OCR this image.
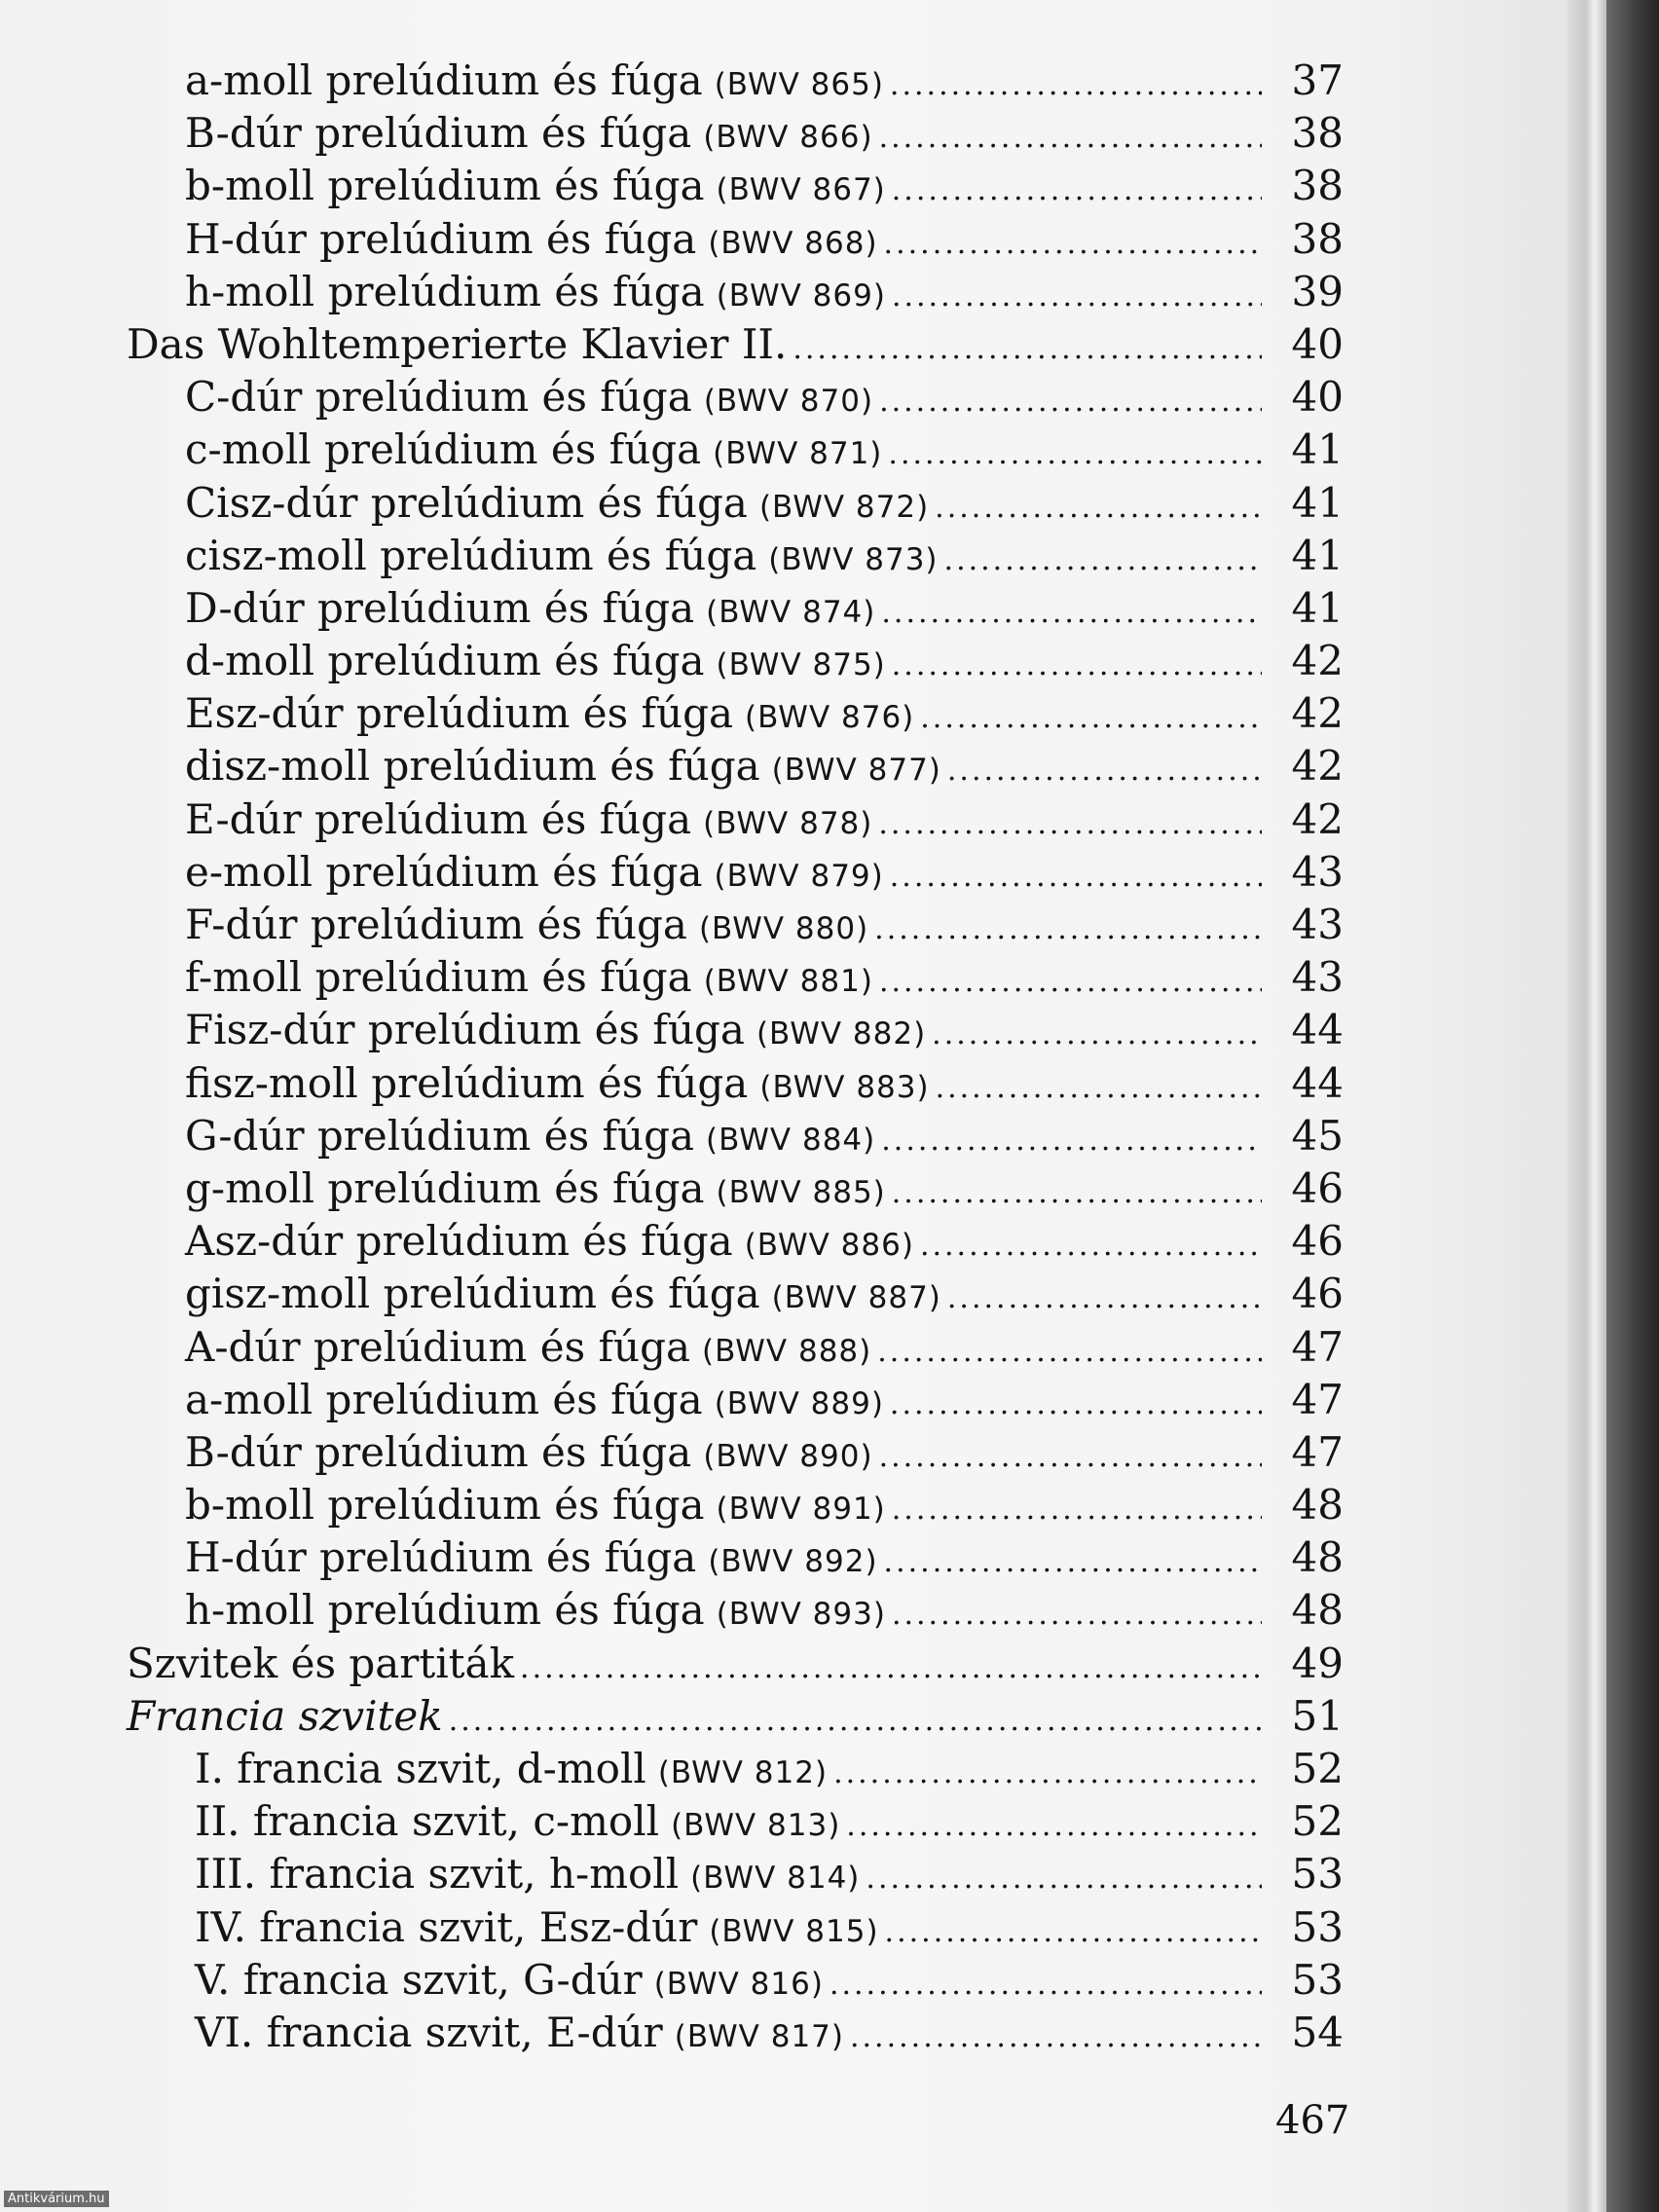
a-moll prelúdium és fúga (BWV 865) .....	37
B-dúr prelúdium és fúga (BWV 866) .....	38
b-moll prelúdium és fúga (BWV 867) .....	38
H-dúr prelúdium és fúga (BWV 868) .....	38
h-moll prelúdium és fúga (BWV 869) .....	39
Das Wohltemperierte Klavier II. .....	40
C-dúr prelúdium és fúga (BWV 870) .....	40
c-moll prelúdium és fúga (BWV 871) .....	41
Cisz-dúr prelúdium és fúga (BWV 872) .....	41
cisz-moll prelúdium és fúga (BWV 873) .....	41
D-dúr prelúdium és fúga (BWV 874) .....	41
d-moll prelúdium és fúga (BWV 875) .....	42
Esz-dúr prelúdium és fúga (BWV 876) .....	42
disz-moll prelúdium és fúga (BWV 877) .....	42
E-dúr prelúdium és fúga (BWV 878) .....	42
e-moll prelúdium és fúga (BWV 879) .....	43
F-dúr prelúdium és fúga (BWV 880) .....	43
f-moll prelúdium és fúga (BWV 881) .....	43
Fisz-dúr prelúdium és fúga (BWV 882) .....	44
fisz-moll prelúdium és fúga (BWV 883) .....	44
G-dúr prelúdium és fúga (BWV 884) .....	45
g-moll prelúdium és fúga (BWV 885) .....	46
Asz-dúr prelúdium és fúga (BWV 886) .....	46
gisz-moll prelúdium és fúga (BWV 887) .....	46
A-dúr prelúdium és fúga (BWV 888) .....	47
a-moll prelúdium és fúga (BWV 889) .....	47
B-dúr prelúdium és fúga (BWV 890) .....	47
b-moll prelúdium és fúga (BWV 891) .....	48
H-dúr prelúdium és fúga (BWV 892) .....	48
h-moll prelúdium és fúga (BWV 893) .....	48
Szvitek és partiták .....	49
Francia szvitek .....	51
I. francia szvit, d-moll (BWV 812) .....	52
II. francia szvit, c-moll (BWV 813) .....	52
III. francia szvit, h-moll (BWV 814) .....	53
IV. francia szvit, Esz-dúr (BWV 815) .....	53
V. francia szvit, G-dúr (BWV 816) .....	53
VI. francia szvit, E-dúr (BWV 817) .....	54
467
Antikvárium.hu
